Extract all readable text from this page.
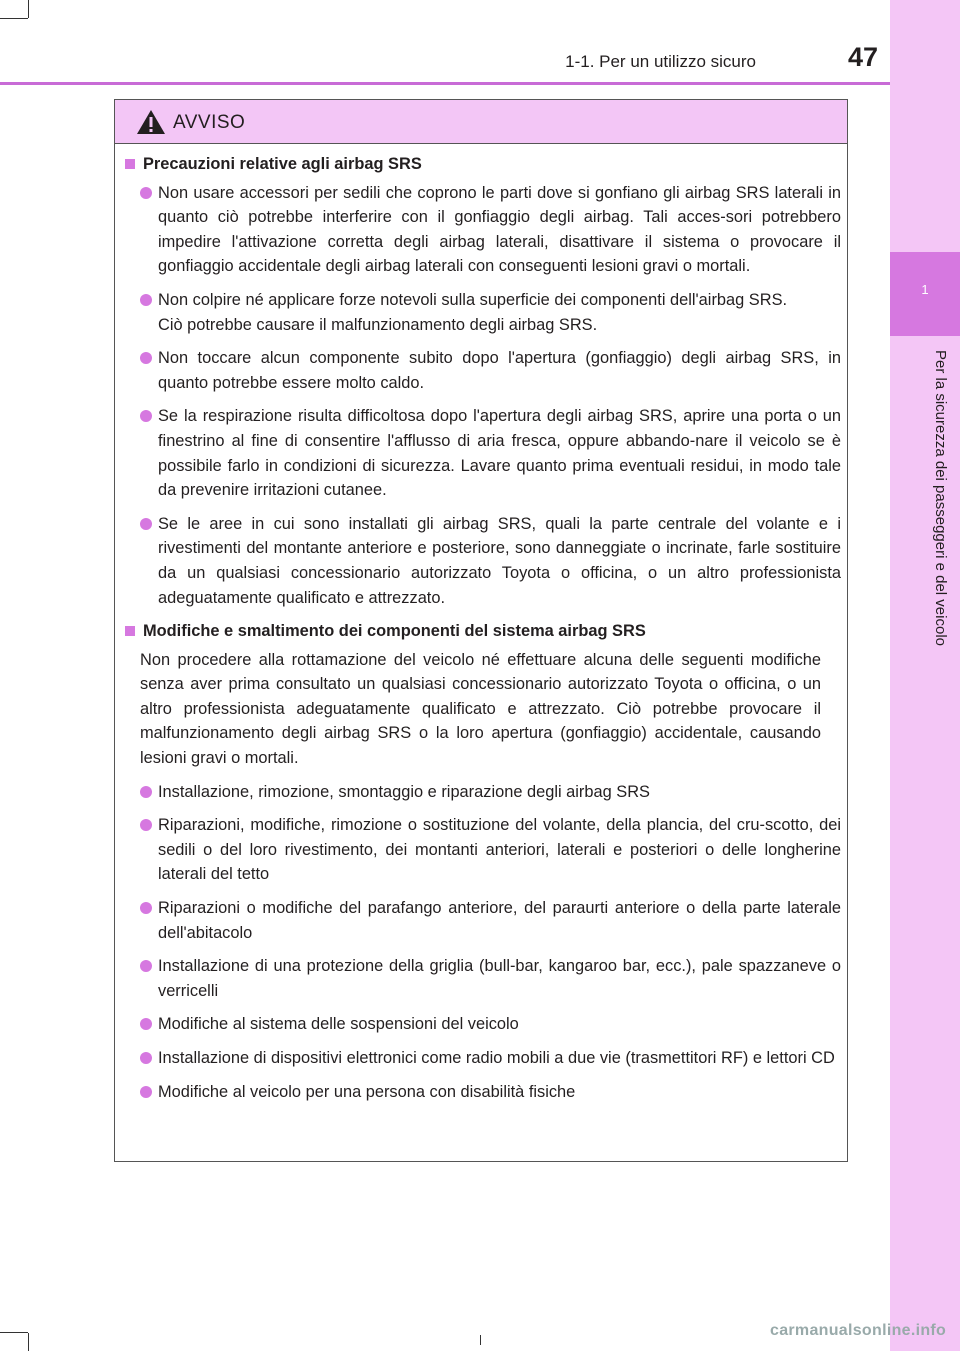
1-1. Per un utilizzo sicuro	47
1
Per la sicurezza dei passeggeri e del veicolo
AVVISO
Precauzioni relative agli airbag SRS
Non usare accessori per sedili che coprono le parti dove si gonfiano gli airbag SRS laterali in quanto ciò potrebbe interferire con il gonfiaggio degli airbag. Tali acces-sori potrebbero impedire l'attivazione corretta degli airbag laterali, disattivare il sistema o provocare il gonfiaggio accidentale degli airbag laterali con conseguenti lesioni gravi o mortali.
Non colpire né applicare forze notevoli sulla superficie dei componenti dell'airbag SRS.
Ciò potrebbe causare il malfunzionamento degli airbag SRS.
Non toccare alcun componente subito dopo l'apertura (gonfiaggio) degli airbag SRS, in quanto potrebbe essere molto caldo.
Se la respirazione risulta difficoltosa dopo l'apertura degli airbag SRS, aprire una porta o un finestrino al fine di consentire l'afflusso di aria fresca, oppure abbando-nare il veicolo se è possibile farlo in condizioni di sicurezza. Lavare quanto prima eventuali residui, in modo tale da prevenire irritazioni cutanee.
Se le aree in cui sono installati gli airbag SRS, quali la parte centrale del volante e i rivestimenti del montante anteriore e posteriore, sono danneggiate o incrinate, farle sostituire da un qualsiasi concessionario autorizzato Toyota o officina, o un altro professionista adeguatamente qualificato e attrezzato.
Modifiche e smaltimento dei componenti del sistema airbag SRS
Non procedere alla rottamazione del veicolo né effettuare alcuna delle seguenti modifiche senza aver prima consultato un qualsiasi concessionario autorizzato Toyota o officina, o un altro professionista adeguatamente qualificato e attrezzato. Ciò potrebbe provocare il malfunzionamento degli airbag SRS o la loro apertura (gonfiaggio) accidentale, causando lesioni gravi o mortali.
Installazione, rimozione, smontaggio e riparazione degli airbag SRS
Riparazioni, modifiche, rimozione o sostituzione del volante, della plancia, del cru-scotto, dei sedili o del loro rivestimento, dei montanti anteriori, laterali e posteriori o delle longherine laterali del tetto
Riparazioni o modifiche del parafango anteriore, del paraurti anteriore o della parte laterale dell'abitacolo
Installazione di una protezione della griglia (bull-bar, kangaroo bar, ecc.), pale spazzaneve o verricelli
Modifiche al sistema delle sospensioni del veicolo
Installazione di dispositivi elettronici come radio mobili a due vie (trasmettitori RF) e lettori CD
Modifiche al veicolo per una persona con disabilità fisiche
carmanualsonline.info
